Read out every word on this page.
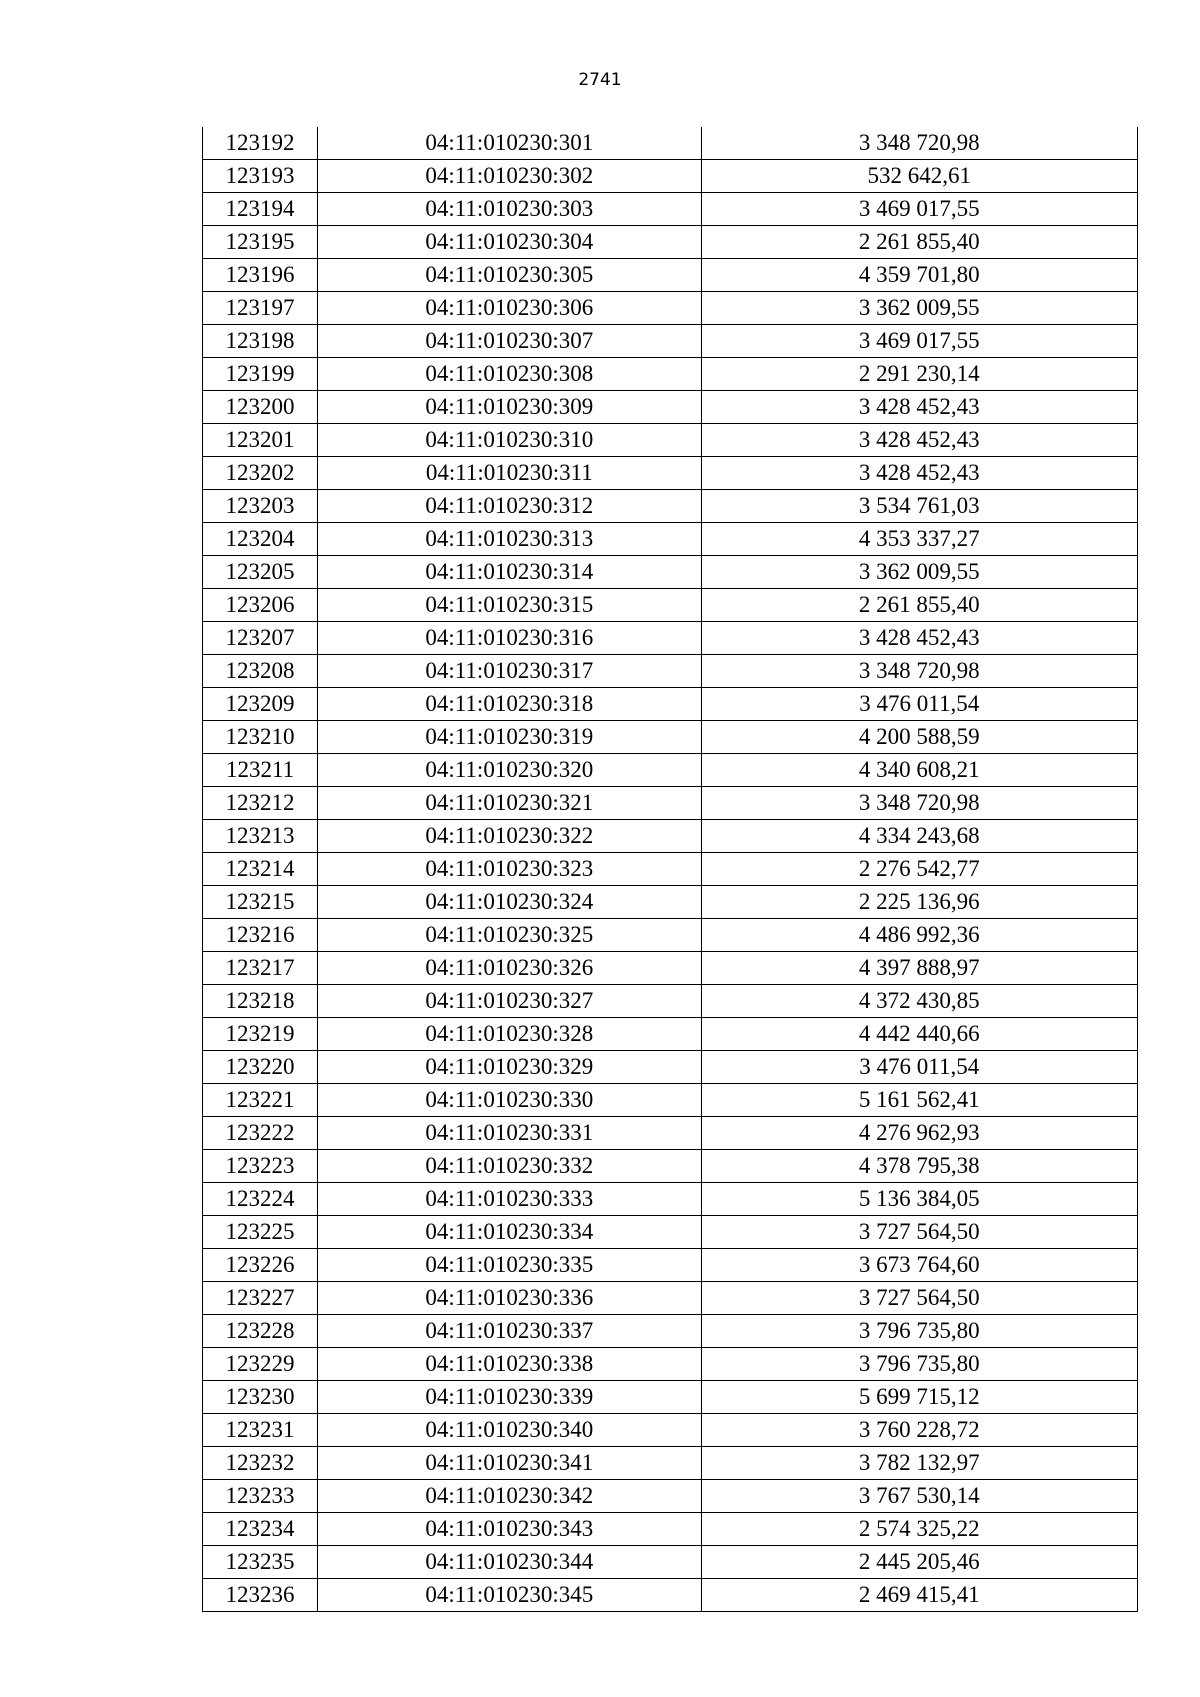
2741
123192	04:11:010230:301	3 348 720,98
123193	04:11:010230:302	532 642,61
123194	04:11:010230:303	3 469 017,55
123195	04:11:010230:304	2 261 855,40
123196	04:11:010230:305	4 359 701,80
123197	04:11:010230:306	3 362 009,55
123198	04:11:010230:307	3 469 017,55
123199	04:11:010230:308	2 291 230,14
123200	04:11:010230:309	3 428 452,43
123201	04:11:010230:310	3 428 452,43
123202	04:11:010230:311	3 428 452,43
123203	04:11:010230:312	3 534 761,03
123204	04:11:010230:313	4 353 337,27
123205	04:11:010230:314	3 362 009,55
123206	04:11:010230:315	2 261 855,40
123207	04:11:010230:316	3 428 452,43
123208	04:11:010230:317	3 348 720,98
123209	04:11:010230:318	3 476 011,54
123210	04:11:010230:319	4 200 588,59
123211	04:11:010230:320	4 340 608,21
123212	04:11:010230:321	3 348 720,98
123213	04:11:010230:322	4 334 243,68
123214	04:11:010230:323	2 276 542,77
123215	04:11:010230:324	2 225 136,96
123216	04:11:010230:325	4 486 992,36
123217	04:11:010230:326	4 397 888,97
123218	04:11:010230:327	4 372 430,85
123219	04:11:010230:328	4 442 440,66
123220	04:11:010230:329	3 476 011,54
123221	04:11:010230:330	5 161 562,41
123222	04:11:010230:331	4 276 962,93
123223	04:11:010230:332	4 378 795,38
123224	04:11:010230:333	5 136 384,05
123225	04:11:010230:334	3 727 564,50
123226	04:11:010230:335	3 673 764,60
123227	04:11:010230:336	3 727 564,50
123228	04:11:010230:337	3 796 735,80
123229	04:11:010230:338	3 796 735,80
123230	04:11:010230:339	5 699 715,12
123231	04:11:010230:340	3 760 228,72
123232	04:11:010230:341	3 782 132,97
123233	04:11:010230:342	3 767 530,14
123234	04:11:010230:343	2 574 325,22
123235	04:11:010230:344	2 445 205,46
123236	04:11:010230:345	2 469 415,41
